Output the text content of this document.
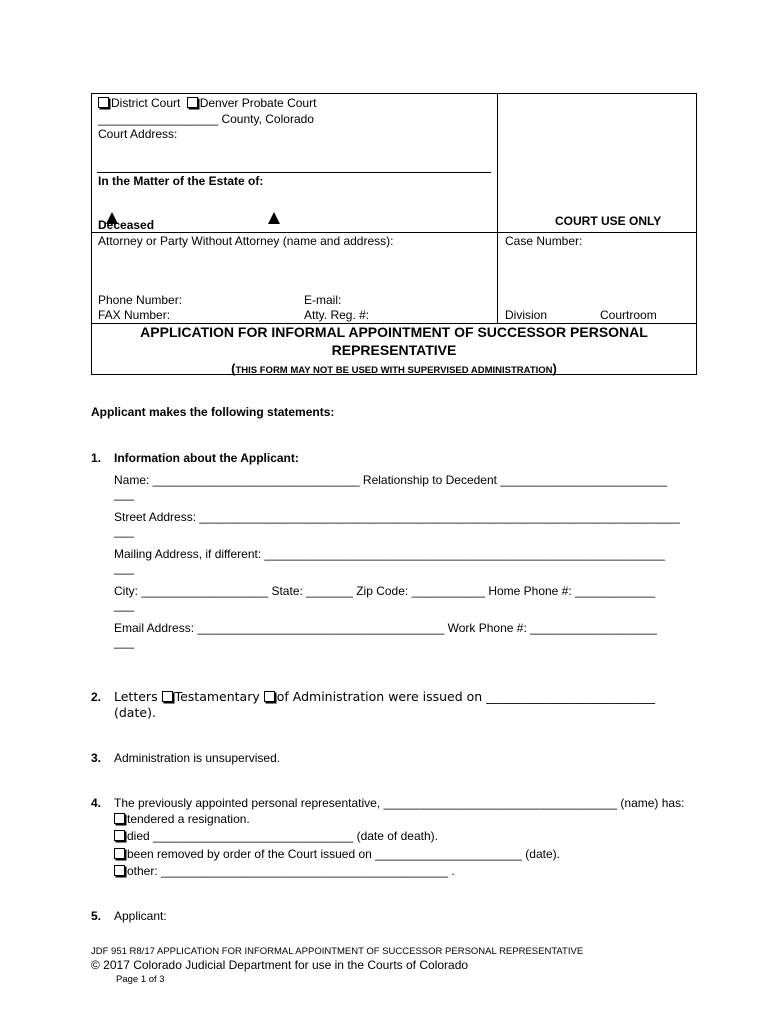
District Court Denver Probate Court
__________________ County, Colorado
Court Address:
In the Matter of the Estate of:
Deceased	COURT USE ONLY
Attorney or Party Without Attorney (name and address):	Case Number:
Phone Number:	E-mail:
FAX Number:	Atty. Reg. #:	Division	Courtroom
APPLICATION FOR INFORMAL APPOINTMENT OF SUCCESSOR PERSONAL
REPRESENTATIVE
(THIS FORM MAY NOT BE USED WITH SUPERVISED ADMINISTRATION)
Applicant makes the following statements:
1. Information about the Applicant:
Name: _______________________________ Relationship to Decedent _________________________
___
Street Address: ________________________________________________________________________
___
Mailing Address, if different: ____________________________________________________________
___
City: ___________________ State: _______ Zip Code: ___________ Home Phone #: ____________
___
Email Address: _____________________________________ Work Phone #: ___________________
___
2. Letters Testamentary of Administration were issued on ___________________________
(date).
3. Administration is unsupervised.
4. The previously appointed personal representative, ___________________________________ (name) has:
tendered a resignation.
died ______________________________ (date of death).
been removed by order of the Court issued on ______________________ (date).
other: ___________________________________________ .
5. Applicant:
JDF 951 R8/17 APPLICATION FOR INFORMAL APPOINTMENT OF SUCCESSOR PERSONAL REPRESENTATIVE
© 2017 Colorado Judicial Department for use in the Courts of Colorado
Page 1 of 3
